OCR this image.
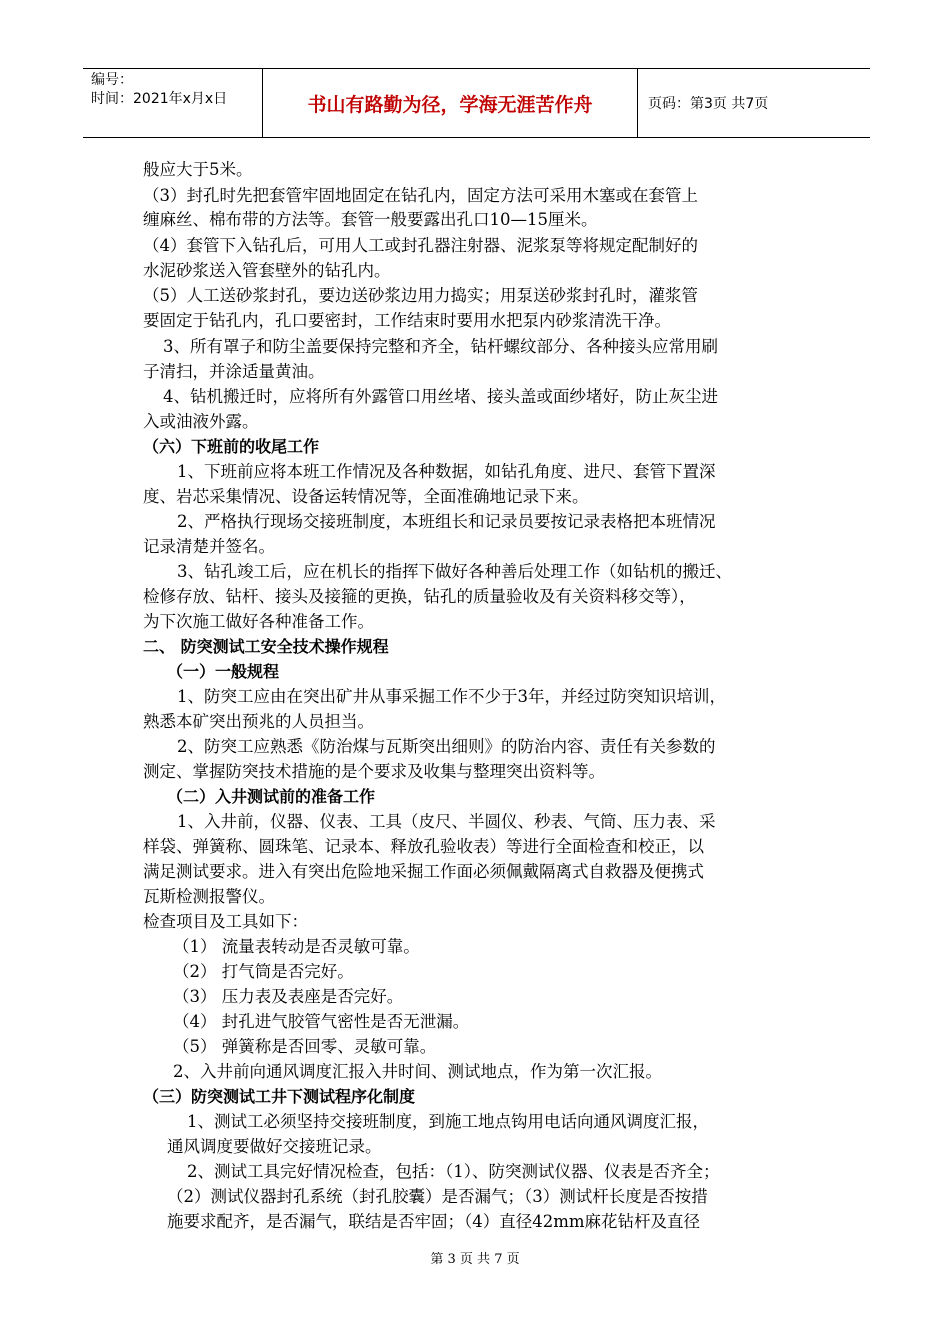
编号：
时间：2021年x月x日	书山有路勤为径，学海无涯苦作舟	页码：第3页 共7页
般应大于5米。
（3）封孔时先把套管牢固地固定在钻孔内，固定方法可采用木塞或在套管上
缠麻丝、棉布带的方法等。套管一般要露出孔口10—15厘米。
（4）套管下入钻孔后，可用人工或封孔器注射器、泥浆泵等将规定配制好的
水泥砂浆送入管套壁外的钻孔内。
（5）人工送砂浆封孔，要边送砂浆边用力捣实；用泵送砂浆封孔时，灌浆管
要固定于钻孔内，孔口要密封，工作结束时要用水把泵内砂浆清洗干净。
3、所有罩子和防尘盖要保持完整和齐全，钻杆螺纹部分、各种接头应常用刷
子清扫，并涂适量黄油。
4、钻机搬迁时，应将所有外露管口用丝堵、接头盖或面纱堵好，防止灰尘进
入或油液外露。
（六）下班前的收尾工作
1、下班前应将本班工作情况及各种数据，如钻孔角度、进尺、套管下置深
度、岩芯采集情况、设备运转情况等，全面准确地记录下来。
2、严格执行现场交接班制度，本班组长和记录员要按记录表格把本班情况
记录清楚并签名。
3、钻孔竣工后，应在机长的指挥下做好各种善后处理工作（如钻机的搬迁、
检修存放、钻杆、接头及接箍的更换，钻孔的质量验收及有关资料移交等），
为下次施工做好各种准备工作。
二、 防突测试工安全技术操作规程
（一）一般规程
1、防突工应由在突出矿井从事采掘工作不少于3年，并经过防突知识培训，
熟悉本矿突出预兆的人员担当。
2、防突工应熟悉《防治煤与瓦斯突出细则》的防治内容、责任有关参数的
测定、掌握防突技术措施的是个要求及收集与整理突出资料等。
（二）入井测试前的准备工作
1、入井前，仪器、仪表、工具（皮尺、半圆仪、秒表、气筒、压力表、采
样袋、弹簧称、圆珠笔、记录本、释放孔验收表）等进行全面检查和校正，以
满足测试要求。进入有突出危险地采掘工作面必须佩戴隔离式自救器及便携式
瓦斯检测报警仪。
检查项目及工具如下：
（1） 流量表转动是否灵敏可靠。
（2） 打气筒是否完好。
（3） 压力表及表座是否完好。
（4） 封孔进气胶管气密性是否无泄漏。
（5） 弹簧称是否回零、灵敏可靠。
2、入井前向通风调度汇报入井时间、测试地点，作为第一次汇报。
（三）防突测试工井下测试程序化制度
1、测试工必须坚持交接班制度，到施工地点钩用电话向通风调度汇报，
通风调度要做好交接班记录。
2、测试工具完好情况检查，包括：（1）、防突测试仪器、仪表是否齐全；
（2）测试仪器封孔系统（封孔胶囊）是否漏气；（3）测试杆长度是否按措
施要求配齐，是否漏气，联结是否牢固；（4）直径42mm麻花钻杆及直径
第 3 页 共 7 页
